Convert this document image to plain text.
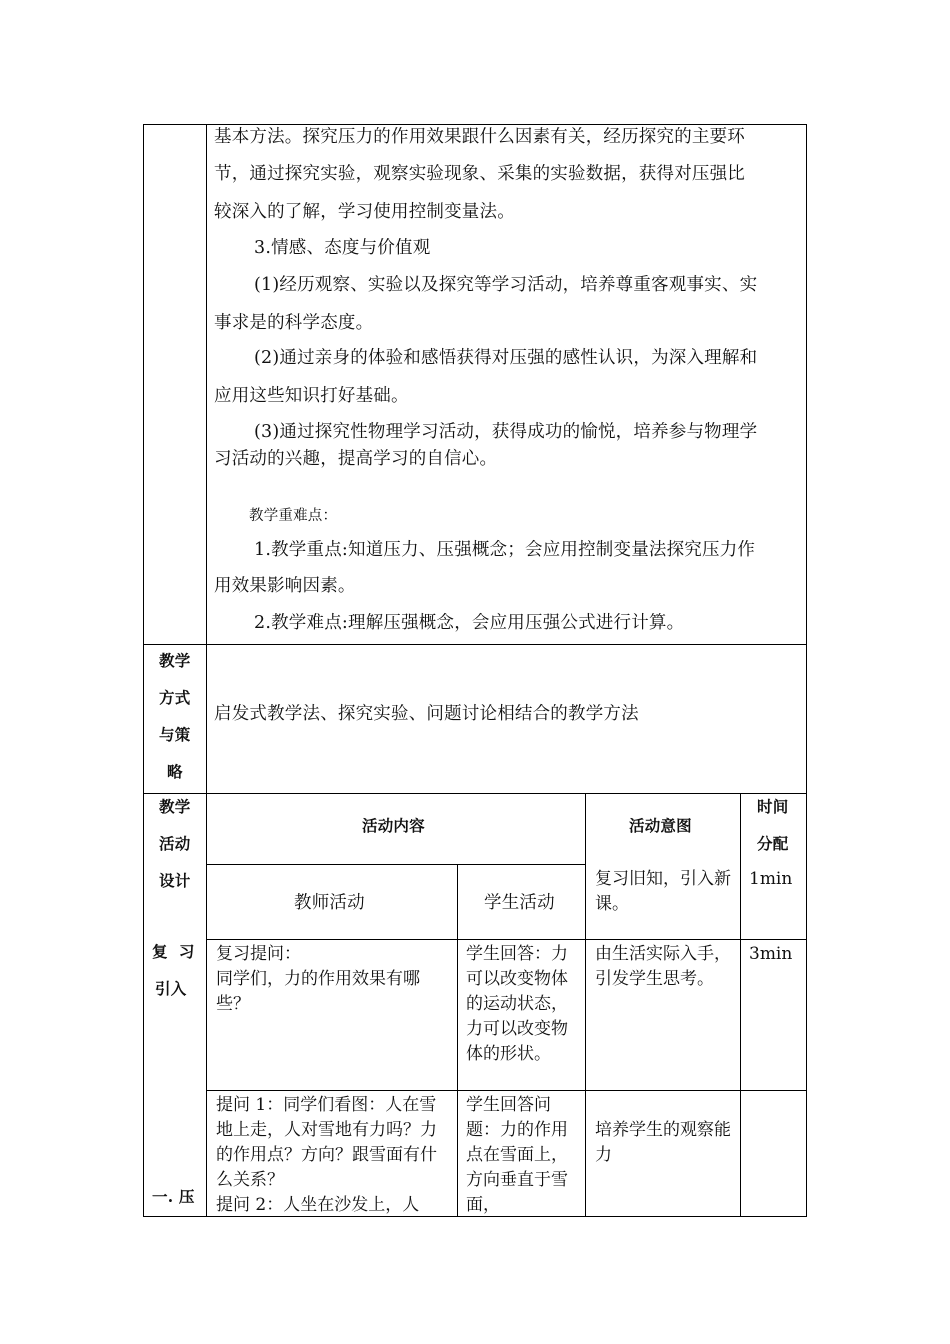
基本方法。探究压力的作用效果跟什么因素有关，经历探究的主要环
节，通过探究实验，观察实验现象、采集的实验数据，获得对压强比
较深入的了解，学习使用控制变量法。
3.情感、态度与价值观
(1)经历观察、实验以及探究等学习活动，培养尊重客观事实、实
事求是的科学态度。
(2)通过亲身的体验和感悟获得对压强的感性认识，为深入理解和
应用这些知识打好基础。
(3)通过探究性物理学习活动，获得成功的愉悦，培养参与物理学
习活动的兴趣，提高学习的自信心。
教学重难点：
1.教学重点:知道压力、压强概念；会应用控制变量法探究压力作
用效果影响因素。
2.教学难点:理解压强概念，会应用压强公式进行计算。
教学
方式
与策
略
启发式教学法、探究实验、问题讨论相结合的教学方法
教学
活动
设计
活动内容	活动意图
时间
分配
教师活动	学生活动
复习旧知，引入新课。
1min
复  习
引入
复习提问：
同学们，力的作用效果有哪些？
学生回答：力可以改变物体的运动状态，力可以改变物体的形状。
由生活实际入手，引发学生思考。
3min
一. 压
提问 1：同学们看图：人在雪地上走，人对雪地有力吗？力的作用点？方向？跟雪面有什么关系？
提问 2：人坐在沙发上，人
学生回答问题：力的作用点在雪面上，方向垂直于雪面，
培养学生的观察能力
